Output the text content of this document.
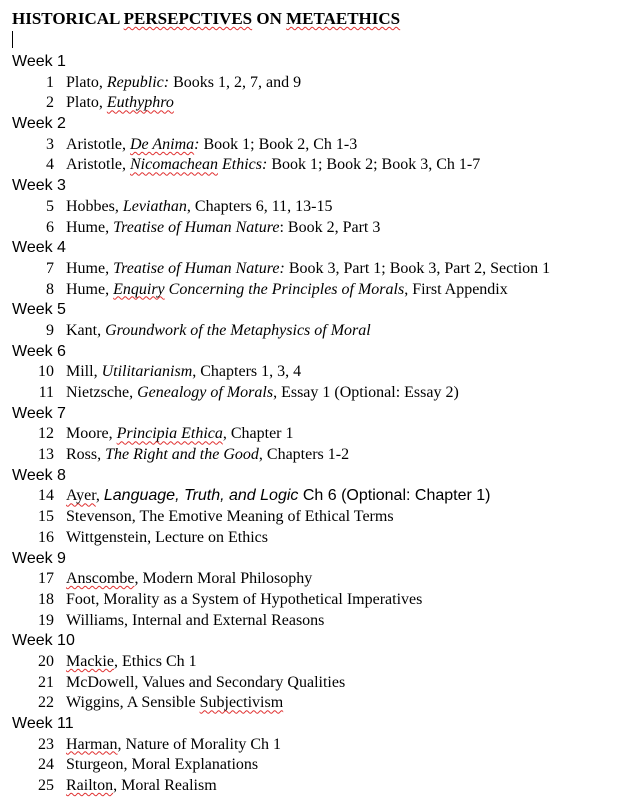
HISTORICAL PERSEPCTIVES ON METAETHICS
Week 1
1 Plato, Republic: Books 1, 2, 7, and 9
2 Plato, Euthyphro
Week 2
3 Aristotle, De Anima: Book 1; Book 2, Ch 1-3
4 Aristotle, Nicomachean Ethics: Book 1; Book 2; Book 3, Ch 1-7
Week 3
5 Hobbes, Leviathan, Chapters 6, 11, 13-15
6 Hume, Treatise of Human Nature: Book 2, Part 3
Week 4
7 Hume, Treatise of Human Nature: Book 3, Part 1; Book 3, Part 2, Section 1
8 Hume, Enquiry Concerning the Principles of Morals, First Appendix
Week 5
9 Kant, Groundwork of the Metaphysics of Moral
Week 6
10 Mill, Utilitarianism, Chapters 1, 3, 4
11 Nietzsche, Genealogy of Morals, Essay 1 (Optional: Essay 2)
Week 7
12 Moore, Principia Ethica, Chapter 1
13 Ross, The Right and the Good, Chapters 1-2
Week 8
14 Ayer, Language, Truth, and Logic Ch 6 (Optional: Chapter 1)
15 Stevenson, The Emotive Meaning of Ethical Terms
16 Wittgenstein, Lecture on Ethics
Week 9
17 Anscombe, Modern Moral Philosophy
18 Foot, Morality as a System of Hypothetical Imperatives
19 Williams, Internal and External Reasons
Week 10
20 Mackie, Ethics Ch 1
21 McDowell, Values and Secondary Qualities
22 Wiggins, A Sensible Subjectivism
Week 11
23 Harman, Nature of Morality Ch 1
24 Sturgeon, Moral Explanations
25 Railton, Moral Realism
